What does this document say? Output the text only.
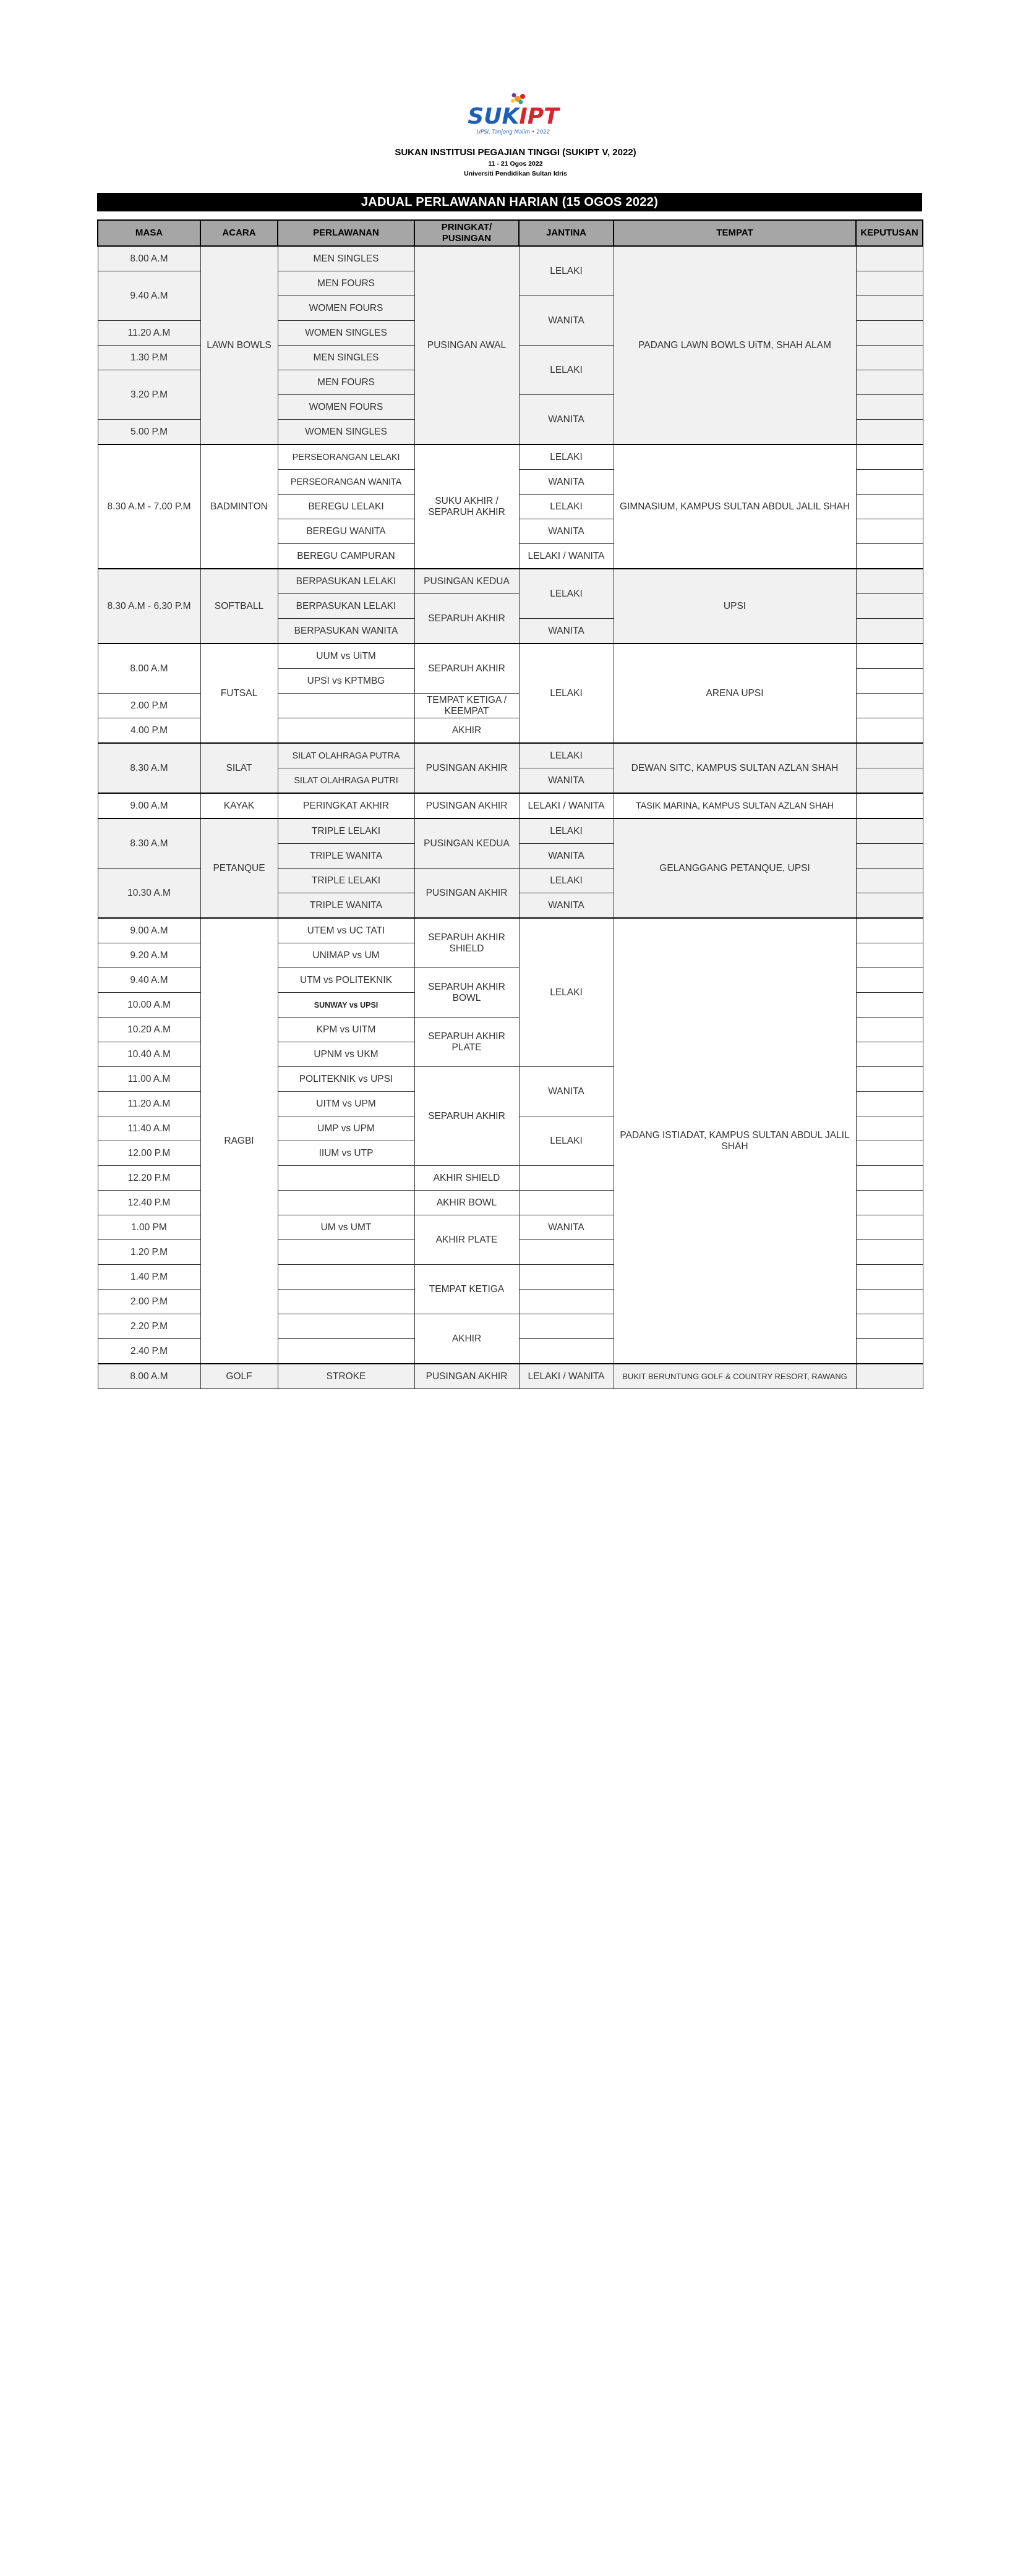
SUKIPT
UPSI, Tanjong Malim • 2022

SUKAN INSTITUSI PEGAJIAN TINGGI (SUKIPT V, 2022)

11 - 21 Ogos 2022

Universiti Pendidikan Sultan Idris

JADUAL PERLAWANAN HARIAN (15 OGOS 2022)
MASA	ACARA	PERLAWANAN	PRINGKAT/ PUSINGAN	JANTINA	TEMPAT	KEPUTUSAN
8.00 A.M	LAWN BOWLS	MEN SINGLES	PUSINGAN AWAL	LELAKI	PADANG LAWN BOWLS UiTM, SHAH ALAM	
9.40 A.M		MEN FOURS				
		WOMEN FOURS		WANITA		
11.20 A.M		WOMEN SINGLES				
1.30 P.M		MEN SINGLES		LELAKI		
3.20 P.M		MEN FOURS				
		WOMEN FOURS		WANITA		
5.00 P.M		WOMEN SINGLES				
8.30 A.M - 7.00 P.M	BADMINTON	PERSEORANGAN LELAKI	SUKU AKHIR / SEPARUH AKHIR	LELAKI	GIMNASIUM, KAMPUS SULTAN ABDUL JALIL SHAH	
		PERSEORANGAN WANITA		WANITA		
		BEREGU LELAKI		LELAKI		
		BEREGU WANITA		WANITA		
		BEREGU CAMPURAN		LELAKI / WANITA		
8.30 A.M - 6.30 P.M	SOFTBALL	BERPASUKAN LELAKI	PUSINGAN KEDUA	LELAKI	UPSI	
		BERPASUKAN LELAKI	SEPARUH AKHIR			
		BERPASUKAN WANITA		WANITA		
8.00 A.M	FUTSAL	UUM vs UiTM	SEPARUH AKHIR	LELAKI	ARENA UPSI	
		UPSI vs KPTMBG				
2.00 P.M			TEMPAT KETIGA / KEEMPAT			
4.00 P.M			AKHIR			
8.30 A.M	SILAT	SILAT OLAHRAGA PUTRA	PUSINGAN AKHIR	LELAKI	DEWAN SITC, KAMPUS SULTAN AZLAN SHAH	
		SILAT OLAHRAGA PUTRI		WANITA		
9.00 A.M	KAYAK	PERINGKAT AKHIR	PUSINGAN AKHIR	LELAKI / WANITA	TASIK MARINA, KAMPUS SULTAN AZLAN SHAH	
8.30 A.M	PETANQUE	TRIPLE LELAKI	PUSINGAN KEDUA	LELAKI	GELANGGANG PETANQUE, UPSI	
		TRIPLE WANITA		WANITA		
10.30 A.M		TRIPLE LELAKI	PUSINGAN AKHIR	LELAKI		
		TRIPLE WANITA		WANITA		
9.00 A.M	RAGBI	UTEM vs UC TATI	SEPARUH AKHIR SHIELD	LELAKI	PADANG ISTIADAT, KAMPUS SULTAN ABDUL JALIL SHAH	
9.20 A.M		UNIMAP vs UM				
9.40 A.M		UTM vs POLITEKNIK	SEPARUH AKHIR BOWL			
10.00 A.M		SUNWAY vs UPSI				
10.20 A.M		KPM vs UITM	SEPARUH AKHIR PLATE			
10.40 A.M		UPNM vs UKM				
11.00 A.M		POLITEKNIK vs UPSI	SEPARUH AKHIR	WANITA		
11.20 A.M		UITM vs UPM				
11.40 A.M		UMP vs UPM		LELAKI		
12.00 P.M		IIUM vs UTP				
12.20 P.M			AKHIR SHIELD			
12.40 P.M			AKHIR BOWL			
1.00 PM		UM vs UMT	AKHIR PLATE	WANITA		
1.20 P.M						
1.40 P.M			TEMPAT KETIGA			
2.00 P.M						
2.20 P.M			AKHIR			
2.40 P.M						
8.00 A.M	GOLF	STROKE	PUSINGAN AKHIR	LELAKI / WANITA	BUKIT BERUNTUNG GOLF & COUNTRY RESORT, RAWANG	
